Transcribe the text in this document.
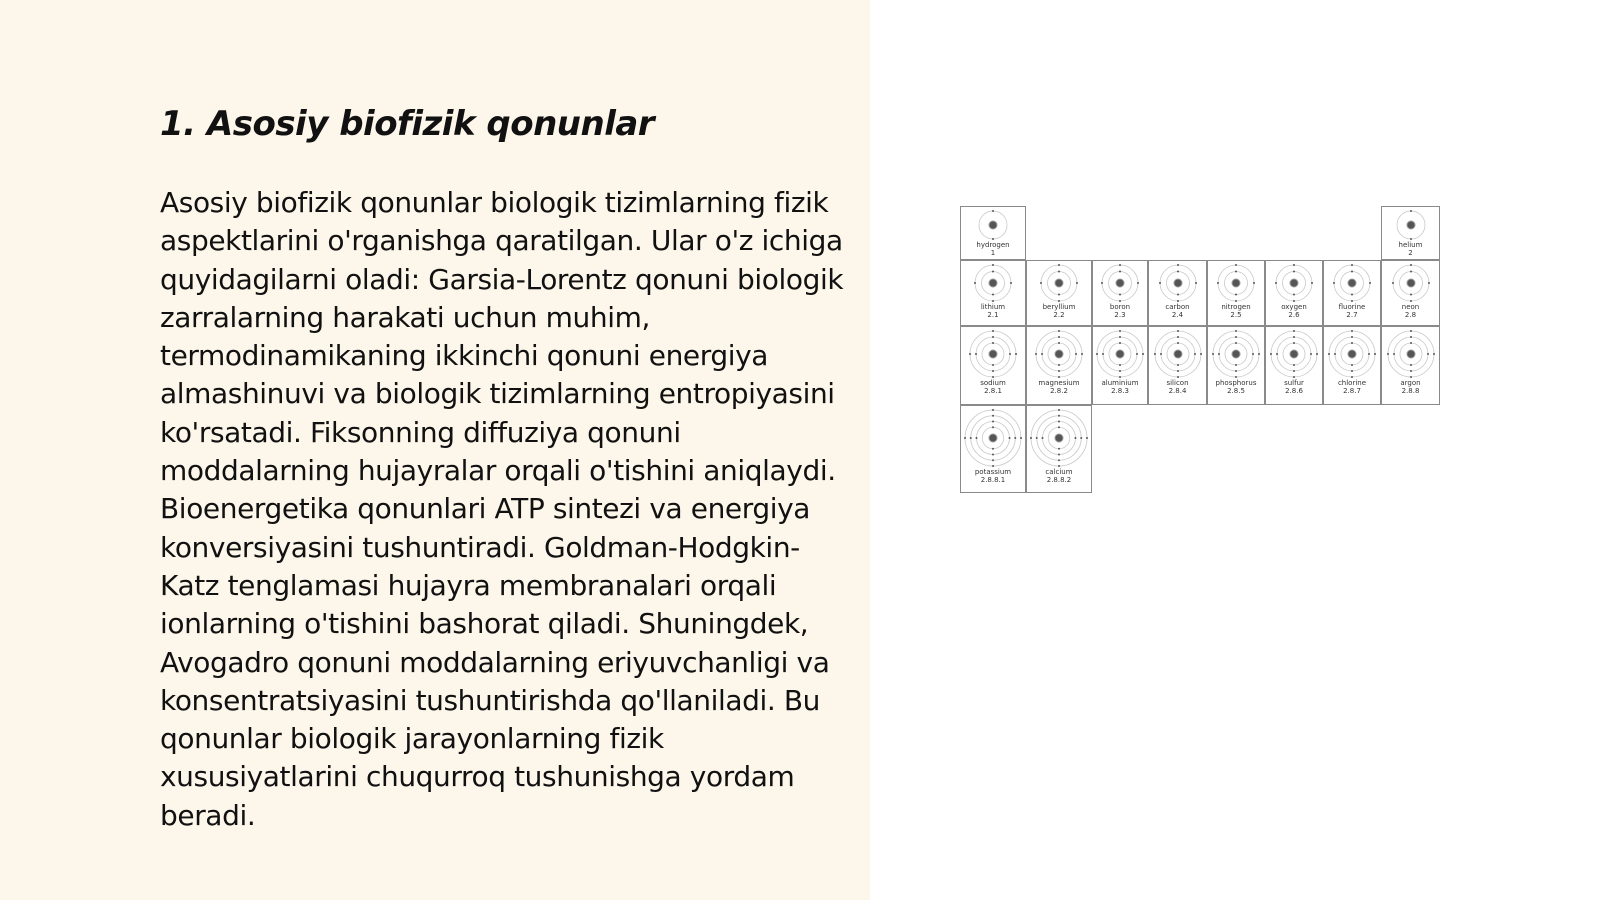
1. Asosiy biofizik qonunlar

Asosiy biofizik qonunlar biologik tizimlarning fizik aspektlarini o'rganishga qaratilgan. Ular o'z ichiga quyidagilarni oladi: Garsia-Lorentz qonuni biologik zarralarning harakati uchun muhim, termodinamikaning ikkinchi qonuni energiya almashinuvi va biologik tizimlarning entropiyasini ko'rsatadi. Fiksonning diffuziya qonuni moddalarning hujayralar orqali o'tishini aniqlaydi. Bioenergetika qonunlari ATP sintezi va energiya konversiyasini tushuntiradi. Goldman-Hodgkin-Katz tenglamasi hujayra membranalari orqali ionlarning o'tishini bashorat qiladi. Shuningdek, Avogadro qonuni moddalarning eriyuvchanligi va konsentratsiyasini tushuntirishda qo'llaniladi. Bu qonunlar biologik jarayonlarning fizik xususiyatlarini chuqurroq tushunishga yordam beradi.

hydrogen
1
helium
2
lithium
2.1
beryllium
2.2
boron
2.3
carbon
2.4
nitrogen
2.5
oxygen
2.6
fluorine
2.7
neon
2.8
sodium
2.8.1
magnesium
2.8.2
aluminium
2.8.3
silicon
2.8.4
phosphorus
2.8.5
sulfur
2.8.6
chlorine
2.8.7
argon
2.8.8
potassium
2.8.8.1
calcium
2.8.8.2
